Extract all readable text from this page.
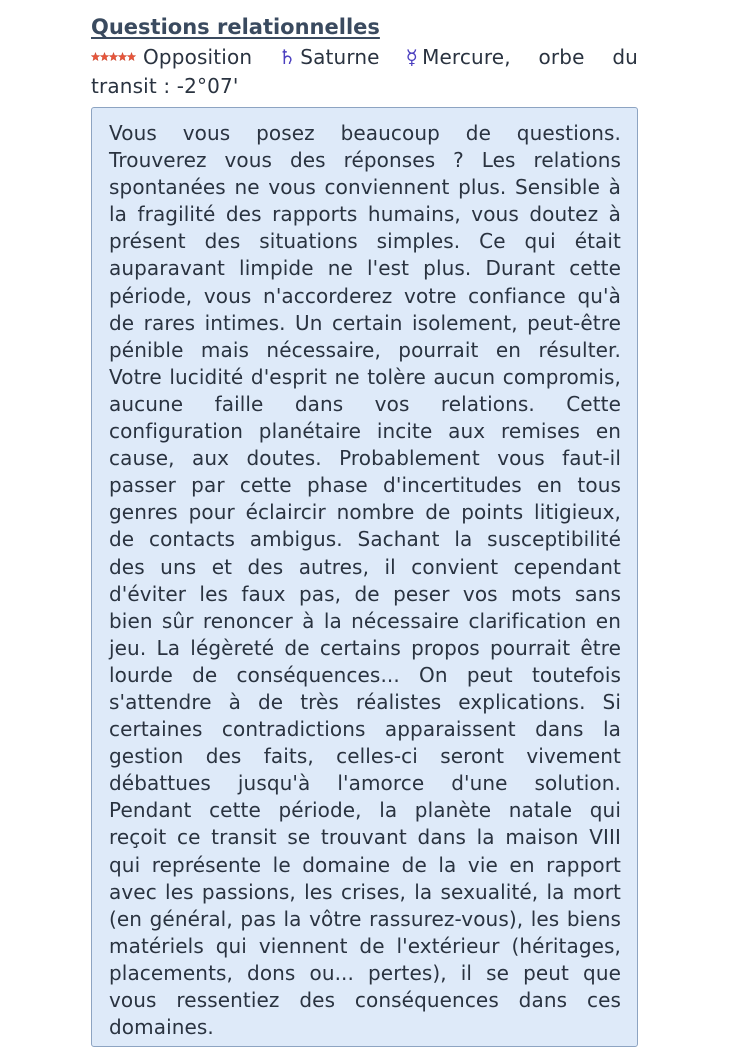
Questions relationnelles
Opposition ♄ Saturne ☿ Mercure, orbe du transit : -2°07'

Vous vous posez beaucoup de questions. Trouverez vous des réponses ? Les relations spontanées ne vous conviennent plus. Sensible à la fragilité des rapports humains, vous doutez à présent des situations simples. Ce qui était auparavant limpide ne l'est plus. Durant cette période, vous n'accorderez votre confiance qu'à de rares intimes. Un certain isolement, peut-être pénible mais nécessaire, pourrait en résulter. Votre lucidité d'esprit ne tolère aucun compromis, aucune faille dans vos relations. Cette configuration planétaire incite aux remises en cause, aux doutes. Probablement vous faut-il passer par cette phase d'incertitudes en tous genres pour éclaircir nombre de points litigieux, de contacts ambigus. Sachant la susceptibilité des uns et des autres, il convient cependant d'éviter les faux pas, de peser vos mots sans bien sûr renoncer à la nécessaire clarification en jeu. La légèreté de certains propos pourrait être lourde de conséquences... On peut toutefois s'attendre à de très réalistes explications. Si certaines contradictions apparaissent dans la gestion des faits, celles-ci seront vivement débattues jusqu'à l'amorce d'une solution. Pendant cette période, la planète natale qui reçoit ce transit se trouvant dans la maison VIII qui représente le domaine de la vie en rapport avec les passions, les crises, la sexualité, la mort (en général, pas la vôtre rassurez-vous), les biens matériels qui viennent de l'extérieur (héritages, placements, dons ou... pertes), il se peut que vous ressentiez des conséquences dans ces domaines.
